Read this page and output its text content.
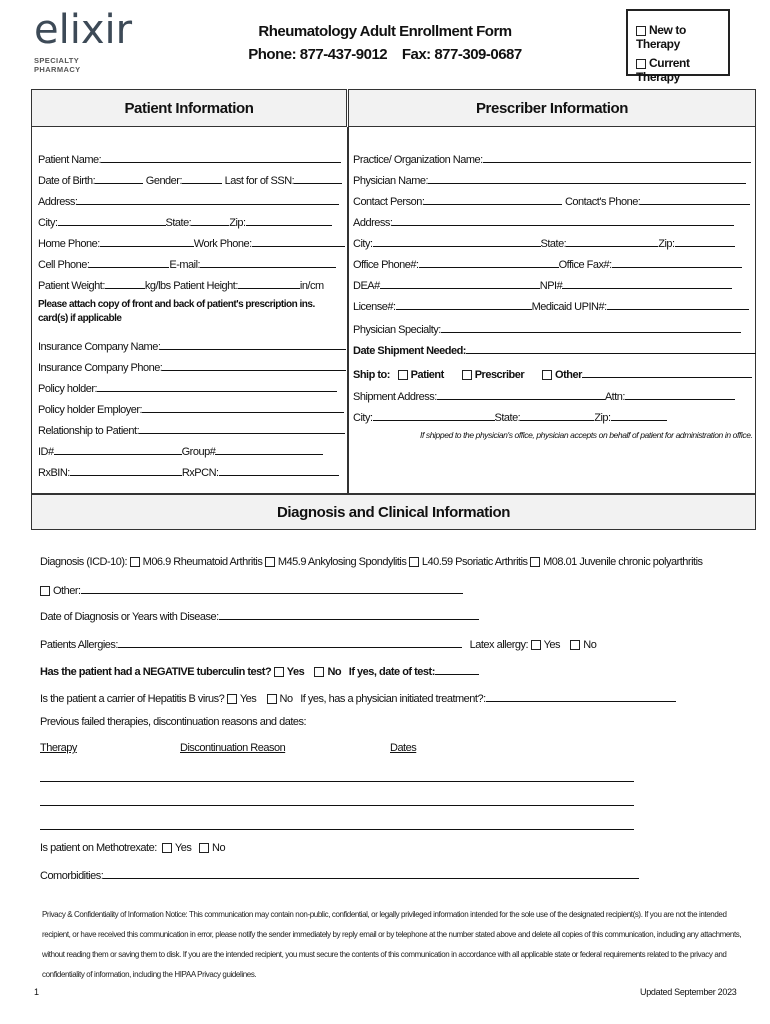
elixir
SPECIALTY PHARMACY
Rheumatology Adult Enrollment Form
Phone: 877-437-9012    Fax: 877-309-0687
New to Therapy
Current Therapy
Patient Information	Prescriber Information
Patient Name:
Date of Birth:	Gender:	Last for of SSN:
Address:
City:	State:	Zip:
Home Phone:	Work Phone:
Cell Phone:	E-mail:
Patient Weight:	kg/lbs Patient Height:	in/cm
Please attach copy of front and back of patient's prescription ins. card(s) if applicable
Insurance Company Name:
Insurance Company Phone:
Policy holder:
Policy holder Employer:
Relationship to Patient:
ID#	Group#
RxBIN:	RxPCN:
Practice/ Organization Name:
Physician Name:
Contact Person:	Contact's Phone:
Address:
City:	State:	Zip:
Office Phone#:	Office Fax#:
DEA#	NPI#
License#:	Medicaid UPIN#:
Physician Specialty:
Date Shipment Needed:
Ship to: Patient	Prescriber	Other
Shipment Address:	Attn:
City:	State:	Zip:
If shipped to the physician's office, physician accepts on behalf of patient for administration in office.
Diagnosis and Clinical Information
Diagnosis (ICD-10): M06.9 Rheumatoid Arthritis M45.9 Ankylosing Spondylitis L40.59 Psoriatic Arthritis M08.01 Juvenile chronic polyarthritis
Other:
Date of Diagnosis or Years with Disease:
Patients Allergies:	Latex allergy: Yes No
Has the patient had a NEGATIVE tuberculin test? Yes No If yes, date of test:
Is the patient a carrier of Hepatitis B virus? Yes No If yes, has a physician initiated treatment?:
Previous failed therapies, discontinuation reasons and dates:
Therapy	Discontinuation Reason	Dates
Is patient on Methotrexate: Yes No
Comorbidities:
Privacy & Confidentiality of Information Notice: This communication may contain non-public, confidential, or legally privileged information intended for the sole use of the designated recipient(s). If you are not the intended recipient, or have received this communication in error, please notify the sender immediately by reply email or by telephone at the number stated above and delete all copies of this communication, including any attachments, without reading them or saving them to disk. If you are the intended recipient, you must secure the contents of this communication in accordance with all applicable state or federal requirements related to the privacy and confidentiality of information, including the HIPAA Privacy guidelines.
1	Updated September 2023
